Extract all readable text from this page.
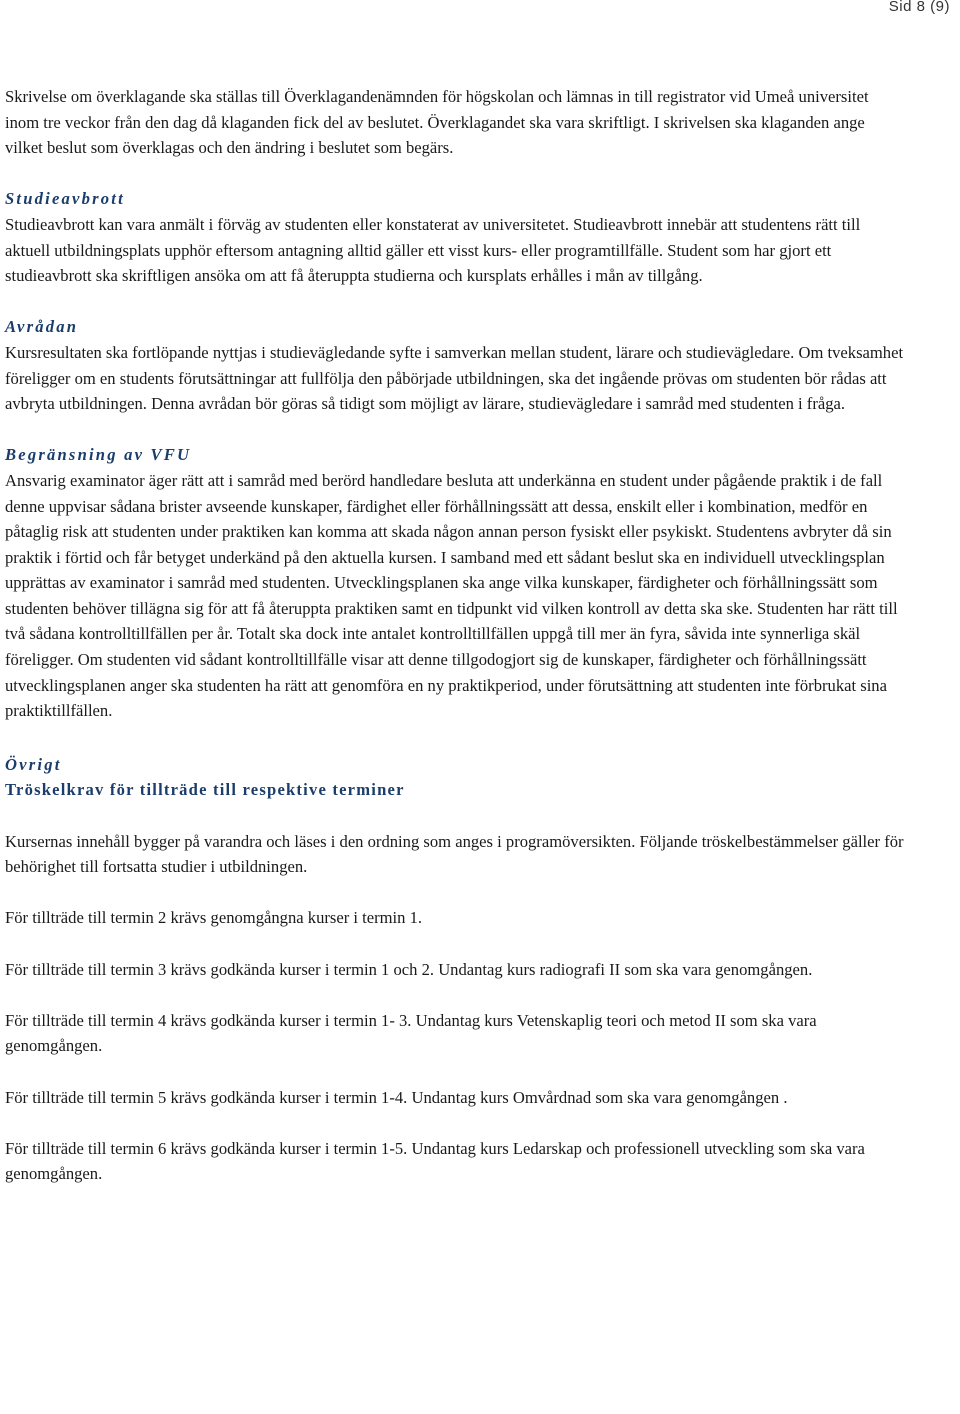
Sid 8 (9)

Skrivelse om överklagande ska ställas till Överklagandenämnden för högskolan och lämnas in till registrator vid Umeå universitet inom tre veckor från den dag då klaganden fick del av beslutet. Överklagandet ska vara skriftligt. I skrivelsen ska klaganden ange vilket beslut som överklagas och den ändring i beslutet som begärs.

Studieavbrott

Studieavbrott kan vara anmält i förväg av studenten eller konstaterat av universitetet. Studieavbrott innebär att studentens rätt till aktuell utbildningsplats upphör eftersom antagning alltid gäller ett visst kurs- eller programtillfälle. Student som har gjort ett studieavbrott ska skriftligen ansöka om att få återuppta studierna och kursplats erhålles i mån av tillgång.

Avrådan

Kursresultaten ska fortlöpande nyttjas i studievägledande syfte i samverkan mellan student, lärare och studievägledare. Om tveksamhet föreligger om en students förutsättningar att fullfölja den påbörjade utbildningen, ska det ingående prövas om studenten bör rådas att avbryta utbildningen. Denna avrådan bör göras så tidigt som möjligt av lärare, studievägledare i samråd med studenten i fråga.

Begränsning av VFU

Ansvarig examinator äger rätt att i samråd med berörd handledare besluta att underkänna en student under pågående praktik i de fall denne uppvisar sådana brister avseende kunskaper, färdighet eller förhållningssätt att dessa, enskilt eller i kombination, medför en påtaglig risk att studenten under praktiken kan komma att skada någon annan person fysiskt eller psykiskt. Studentens avbryter då sin praktik i förtid och får betyget underkänd på den aktuella kursen. I samband med ett sådant beslut ska en individuell utvecklingsplan upprättas av examinator i samråd med studenten. Utvecklingsplanen ska ange vilka kunskaper, färdigheter och förhållningssätt som studenten behöver tillägna sig för att få återuppta praktiken samt en tidpunkt vid vilken kontroll av detta ska ske. Studenten har rätt till två sådana kontrolltillfällen per år. Totalt ska dock inte antalet kontrolltillfällen uppgå till mer än fyra, såvida inte synnerliga skäl föreligger. Om studenten vid sådant kontrolltillfälle visar att denne tillgodogjort sig de kunskaper, färdigheter och förhållningssätt utvecklingsplanen anger ska studenten ha rätt att genomföra en ny praktikperiod, under förutsättning att studenten inte förbrukat sina praktiktillfällen.

Övrigt

Tröskelkrav för tillträde till respektive terminer

Kursernas innehåll bygger på varandra och läses i den ordning som anges i programöversikten. Följande tröskelbestämmelser gäller för behörighet till fortsatta studier i utbildningen.

För tillträde till termin 2 krävs genomgångna kurser i termin 1.

För tillträde till termin 3 krävs godkända kurser i termin 1 och 2. Undantag kurs radiografi II som ska vara genomgången.

För tillträde till termin 4 krävs godkända kurser i termin 1- 3. Undantag kurs Vetenskaplig teori och metod II som ska vara genomgången.

För tillträde till termin 5 krävs godkända kurser i termin 1-4. Undantag kurs Omvårdnad som ska vara genomgången .

För tillträde till termin 6 krävs godkända kurser i termin 1-5. Undantag kurs Ledarskap och professionell utveckling som ska vara genomgången.
